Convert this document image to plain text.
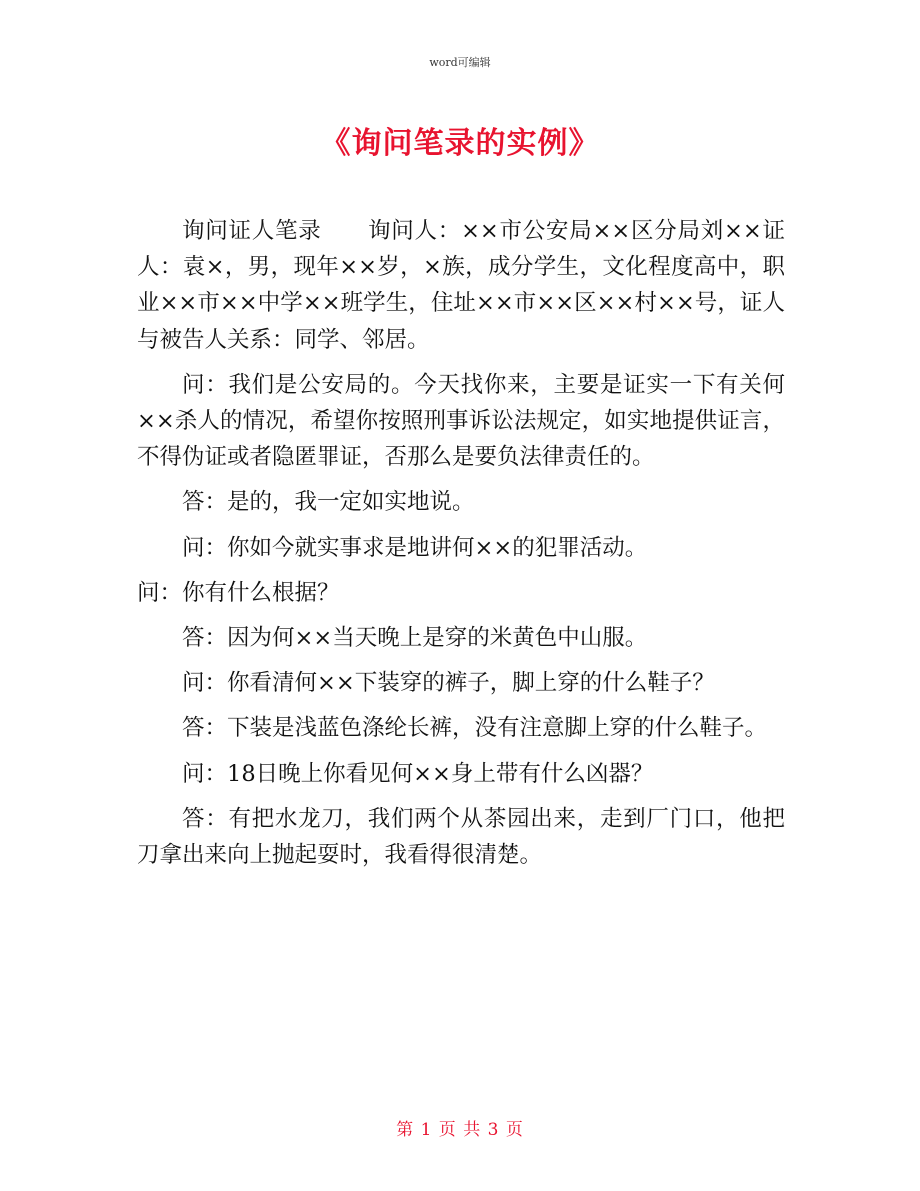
word可编辑
《询问笔录的实例》

询问证人笔录　　询问人：××市公安局××区分局刘××证人：袁×，男，现年××岁，×族，成分学生，文化程度高中，职业××市××中学××班学生，住址××市××区××村××号，证人与被告人关系：同学、邻居。

问：我们是公安局的。今天找你来，主要是证实一下有关何××杀人的情况，希望你按照刑事诉讼法规定，如实地提供证言，不得伪证或者隐匿罪证，否那么是要负法律责任的。

答：是的，我一定如实地说。

问：你如今就实事求是地讲何××的犯罪活动。

问：你有什么根据？

答：因为何××当天晚上是穿的米黄色中山服。

问：你看清何××下装穿的裤子，脚上穿的什么鞋子？

答：下装是浅蓝色涤纶长裤，没有注意脚上穿的什么鞋子。

问：18日晚上你看见何××身上带有什么凶器？

答：有把水龙刀，我们两个从茶园出来，走到厂门口，他把刀拿出来向上抛起耍时，我看得很清楚。

第 1 页 共 3 页
